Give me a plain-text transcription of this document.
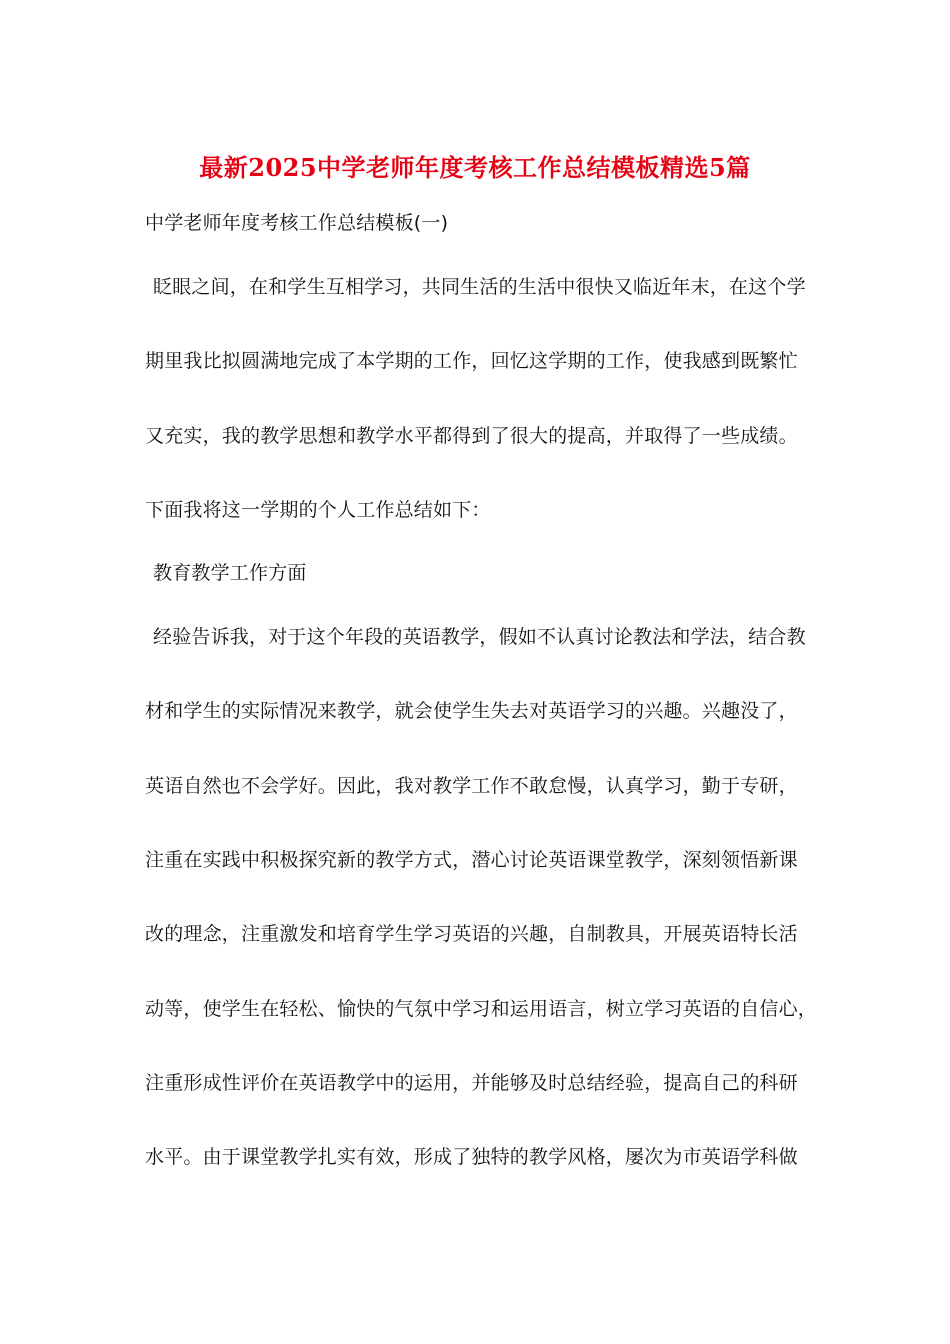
最新2025中学老师年度考核工作总结模板精选5篇
中学老师年度考核工作总结模板(一)
眨眼之间，在和学生互相学习，共同生活的生活中很快又临近年末，在这个学
期里我比拟圆满地完成了本学期的工作，回忆这学期的工作，使我感到既繁忙
又充实，我的教学思想和教学水平都得到了很大的提高，并取得了一些成绩。
下面我将这一学期的个人工作总结如下：
教育教学工作方面
经验告诉我，对于这个年段的英语教学，假如不认真讨论教法和学法，结合教
材和学生的实际情况来教学，就会使学生失去对英语学习的兴趣。兴趣没了，
英语自然也不会学好。因此，我对教学工作不敢怠慢，认真学习，勤于专研，
注重在实践中积极探究新的教学方式，潜心讨论英语课堂教学，深刻领悟新课
改的理念，注重激发和培育学生学习英语的兴趣，自制教具，开展英语特长活
动等，使学生在轻松、愉快的气氛中学习和运用语言，树立学习英语的自信心，
注重形成性评价在英语教学中的运用，并能够及时总结经验，提高自己的科研
水平。由于课堂教学扎实有效，形成了独特的教学风格，屡次为市英语学科做
